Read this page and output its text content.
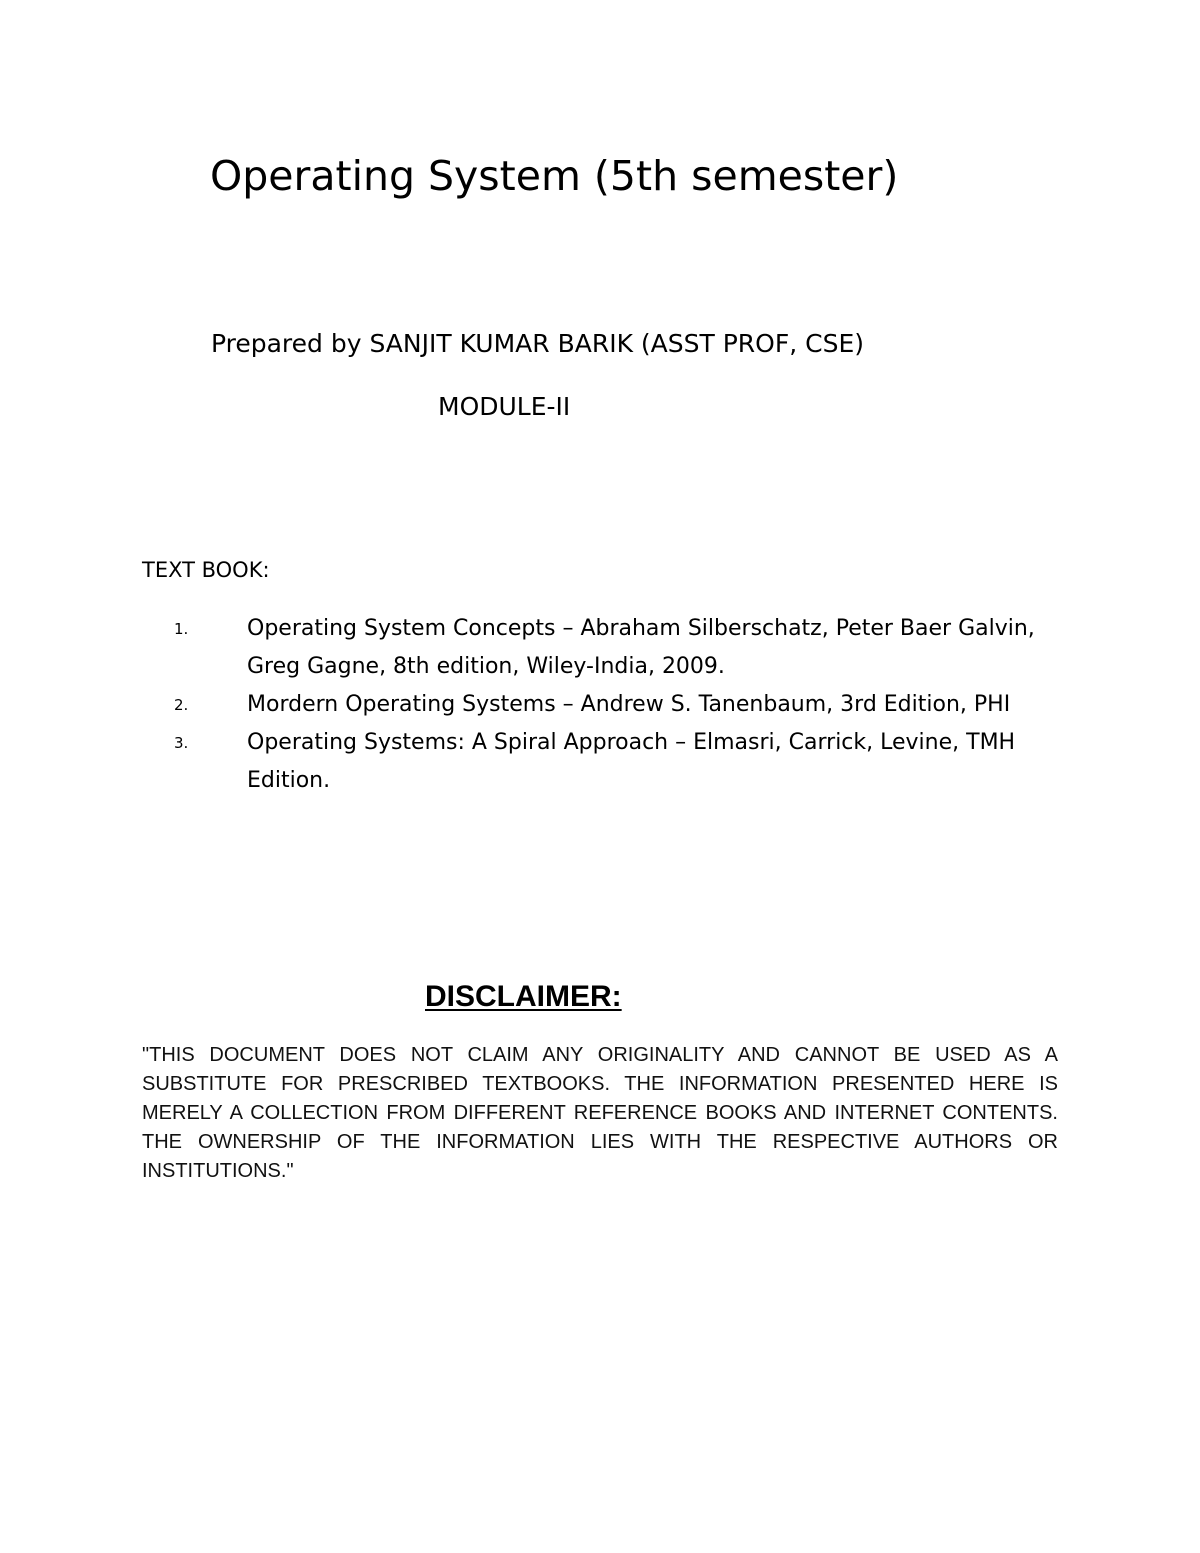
Operating System (5th semester)
Prepared by SANJIT KUMAR BARIK (ASST PROF, CSE)
MODULE-II
TEXT BOOK:
1.	Operating System Concepts – Abraham Silberschatz, Peter Baer Galvin, Greg Gagne, 8th edition, Wiley-India, 2009.
2.	Mordern Operating Systems – Andrew S. Tanenbaum, 3rd Edition, PHI
3.	Operating Systems: A Spiral Approach – Elmasri, Carrick, Levine, TMH Edition.
DISCLAIMER:
"THIS DOCUMENT DOES NOT CLAIM ANY ORIGINALITY AND CANNOT BE USED AS A SUBSTITUTE FOR PRESCRIBED TEXTBOOKS. THE INFORMATION PRESENTED HERE IS MERELY A COLLECTION FROM DIFFERENT REFERENCE BOOKS AND INTERNET CONTENTS. THE OWNERSHIP OF THE INFORMATION LIES WITH THE RESPECTIVE AUTHORS OR INSTITUTIONS."
